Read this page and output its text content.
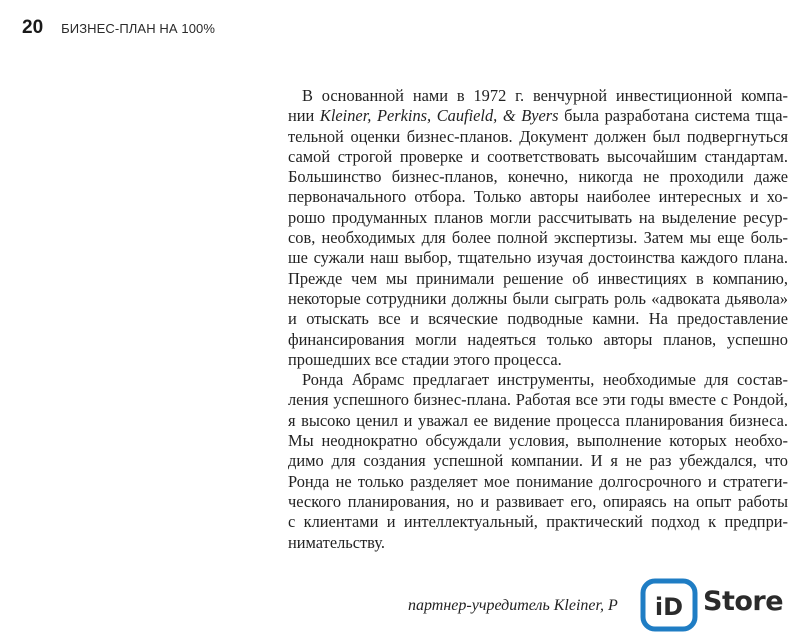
20 БИЗНЕС-ПЛАН НА 100%
В основанной нами в 1972 г. венчурной инвестиционной компа-
нии Kleiner, Perkins, Caufield, & Byers была разработана система тща-
тельной оценки бизнес-планов. Документ должен был подвергнуться
самой строгой проверке и соответствовать высочайшим стандартам.
Большинство бизнес-планов, конечно, никогда не проходили даже
первоначального отбора. Только авторы наиболее интересных и хо-
рошо продуманных планов могли рассчитывать на выделение ресур-
сов, необходимых для более полной экспертизы. Затем мы еще боль-
ше сужали наш выбор, тщательно изучая достоинства каждого плана.
Прежде чем мы принимали решение об инвестициях в компанию,
некоторые сотрудники должны были сыграть роль «адвоката дьявола»
и отыскать все и всяческие подводные камни. На предоставление
финансирования могли надеяться только авторы планов, успешно
прошедших все стадии этого процесса.
Ронда Абрамс предлагает инструменты, необходимые для состав-
ления успешного бизнес-плана. Работая все эти годы вместе с Рондой,
я высоко ценил и уважал ее видение процесса планирования бизнеса.
Мы неоднократно обсуждали условия, выполнение которых необхо-
димо для создания успешной компании. И я не раз убеждался, что
Ронда не только разделяет мое понимание долгосрочного и стратеги-
ческого планирования, но и развивает его, опираясь на опыт работы
с клиентами и интеллектуальный, практический подход к предпри-
нимательству.
партнер-учредитель Kleiner, P	iD Store
